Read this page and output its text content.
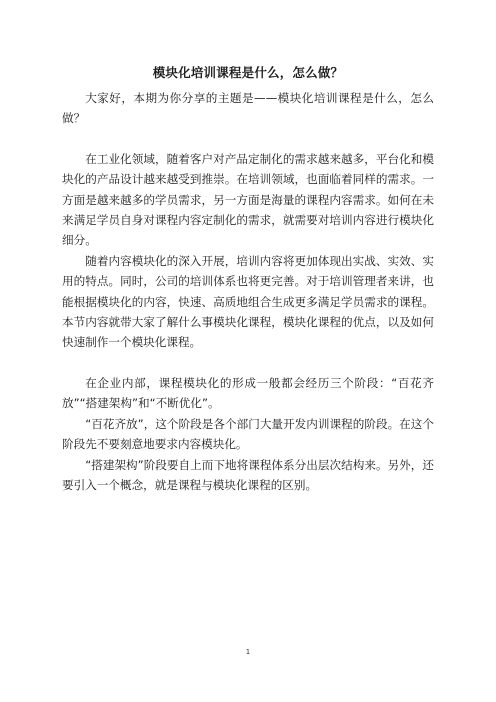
模块化培训课程是什么，怎么做？

大家好，本期为你分享的主题是——模块化培训课程是什么，怎么做？

在工业化领域，随着客户对产品定制化的需求越来越多，平台化和模块化的产品设计越来越受到推崇。在培训领域，也面临着同样的需求。一方面是越来越多的学员需求，另一方面是海量的课程内容需求。如何在未来满足学员自身对课程内容定制化的需求，就需要对培训内容进行模块化细分。

随着内容模块化的深入开展，培训内容将更加体现出实战、实效、实用的特点。同时，公司的培训体系也将更完善。对于培训管理者来讲，也能根据模块化的内容，快速、高质地组合生成更多满足学员需求的课程。本节内容就带大家了解什么事模块化课程，模块化课程的优点，以及如何快速制作一个模块化课程。

在企业内部，课程模块化的形成一般都会经历三个阶段：“百花齐放”“搭建架构”和“不断优化”。

“百花齐放”，这个阶段是各个部门大量开发内训课程的阶段。在这个阶段先不要刻意地要求内容模块化。

“搭建架构”阶段要自上而下地将课程体系分出层次结构来。另外，还要引入一个概念，就是课程与模块化课程的区别。

1
